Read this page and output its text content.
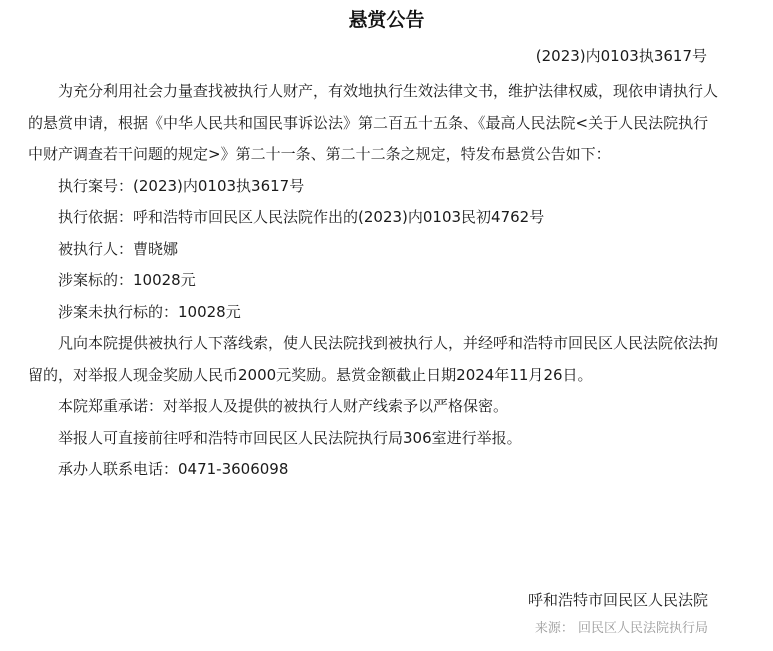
悬赏公告
(2023)内0103执3617号

为充分利用社会力量查找被执行人财产，有效地执行生效法律文书，维护法律权威，现依申请执行人的悬赏申请，根据《中华人民共和国民事诉讼法》第二百五十五条、《最高人民法院<关于人民法院执行中财产调查若干问题的规定>》第二十一条、第二十二条之规定，特发布悬赏公告如下：

执行案号：(2023)内0103执3617号

执行依据：呼和浩特市回民区人民法院作出的(2023)内0103民初4762号

被执行人：曹晓娜

涉案标的：10028元

涉案未执行标的：10028元

凡向本院提供被执行人下落线索，使人民法院找到被执行人，并经呼和浩特市回民区人民法院依法拘留的，对举报人现金奖励人民币2000元奖励。悬赏金额截止日期2024年11月26日。

本院郑重承诺：对举报人及提供的被执行人财产线索予以严格保密。

举报人可直接前往呼和浩特市回民区人民法院执行局306室进行举报。

承办人联系电话：0471-3606098

呼和浩特市回民区人民法院
来源： 回民区人民法院执行局
